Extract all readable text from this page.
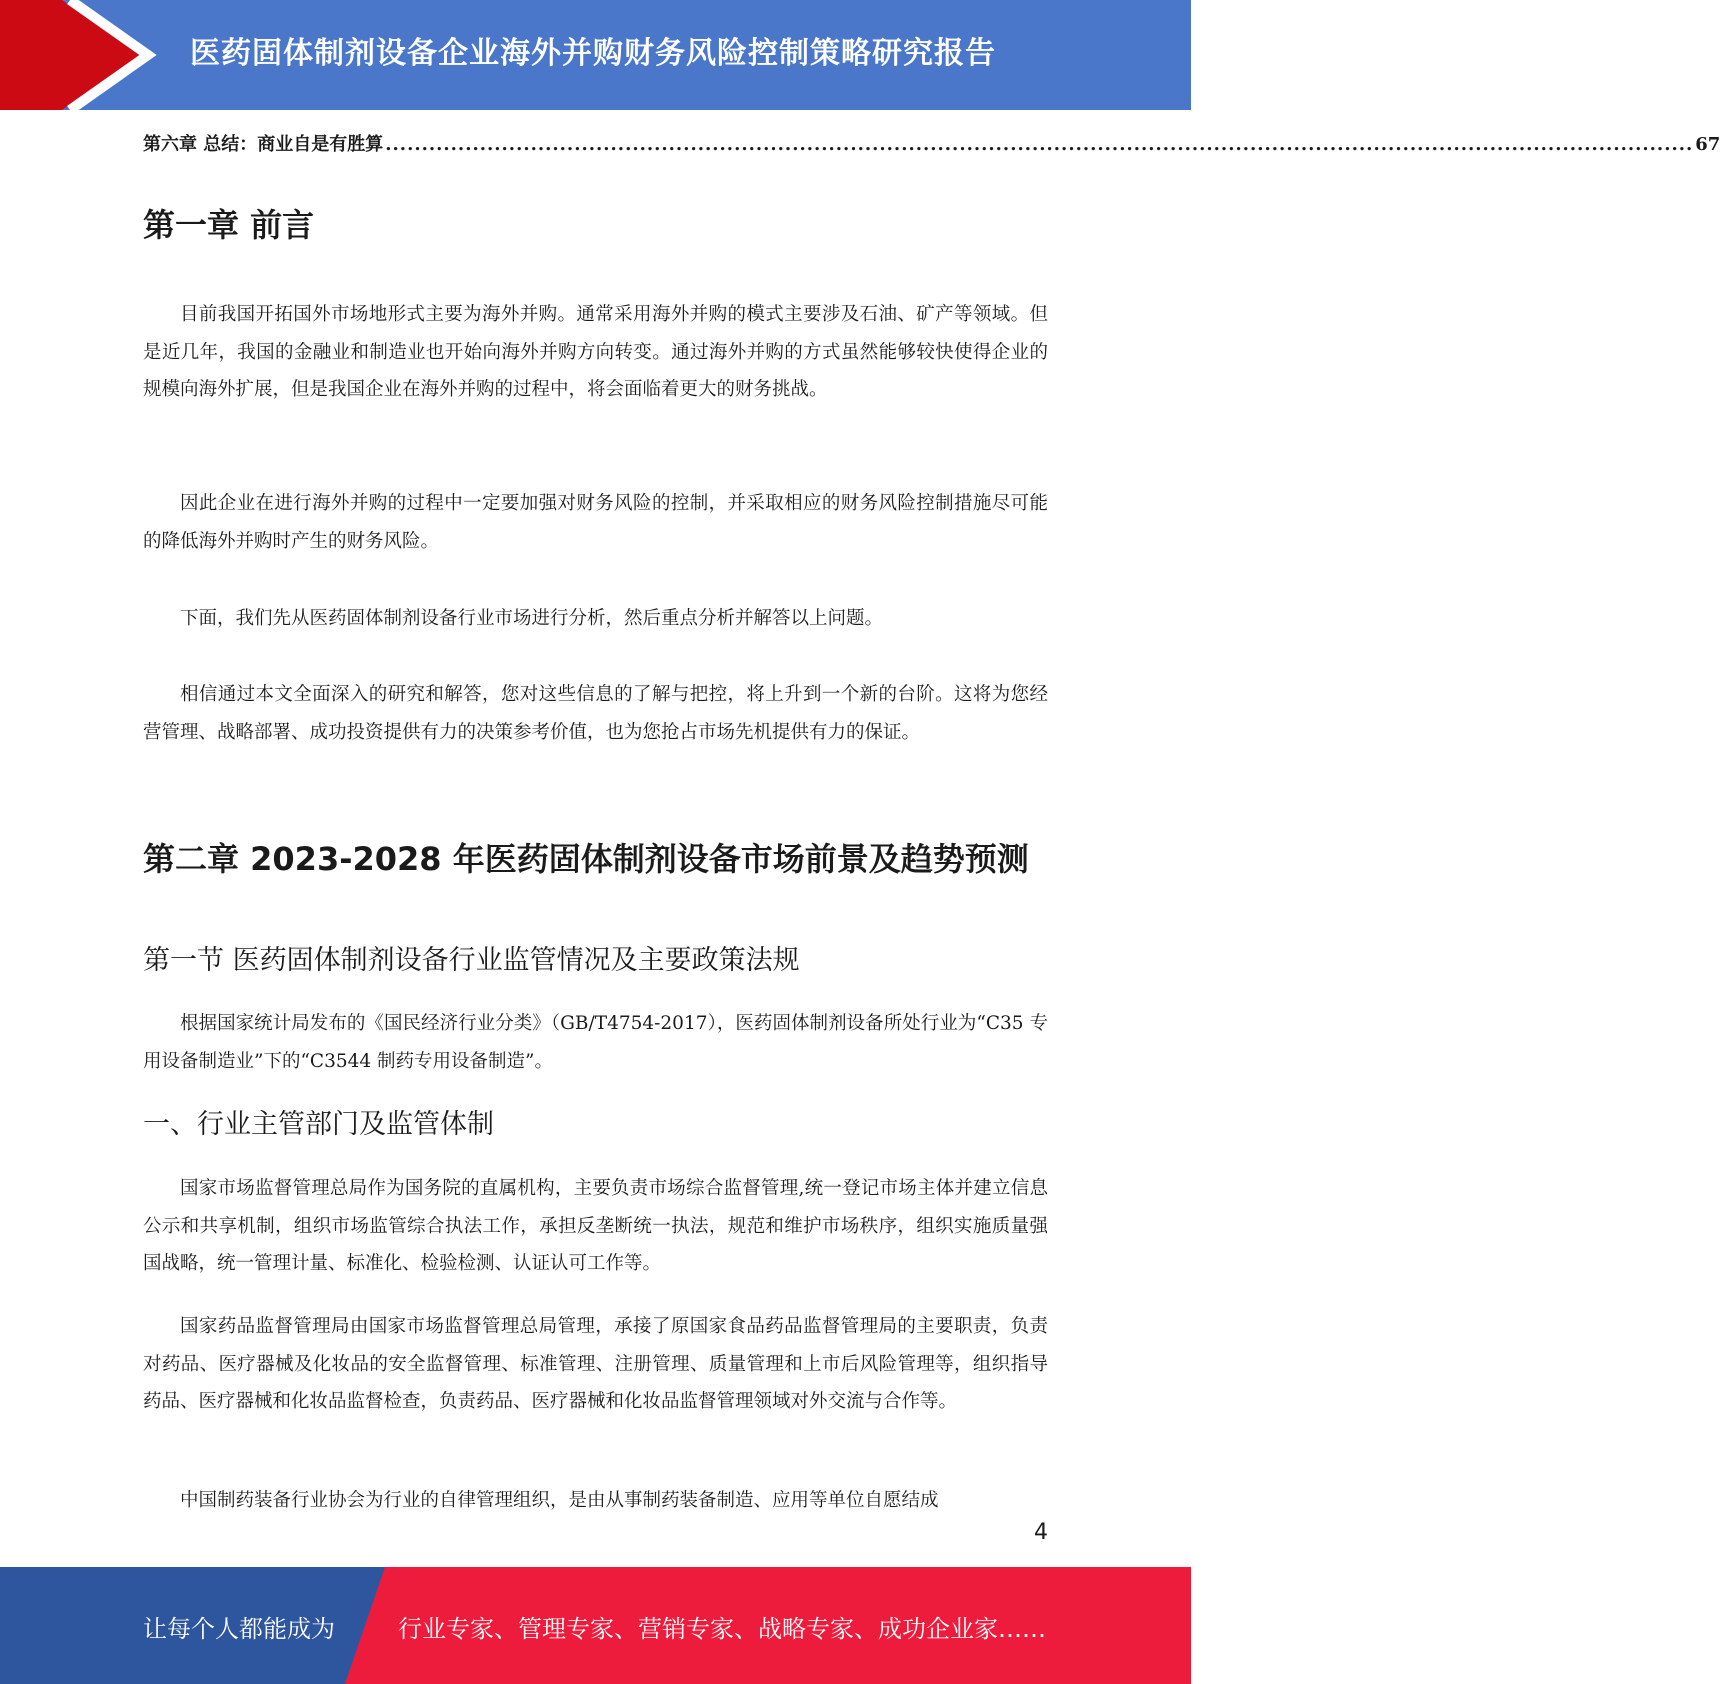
医药固体制剂设备企业海外并购财务风险控制策略研究报告
第六章 总结：商业自是有胜算 .................................................................................................................................................................................... 67
第一章 前言

目前我国开拓国外市场地形式主要为海外并购。通常采用海外并购的模式主要涉及石油、矿产等领域。但是近几年，我国的金融业和制造业也开始向海外并购方向转变。通过海外并购的方式虽然能够较快使得企业的规模向海外扩展，但是我国企业在海外并购的过程中，将会面临着更大的财务挑战。

因此企业在进行海外并购的过程中一定要加强对财务风险的控制，并采取相应的财务风险控制措施尽可能的降低海外并购时产生的财务风险。

下面，我们先从医药固体制剂设备行业市场进行分析，然后重点分析并解答以上问题。

相信通过本文全面深入的研究和解答，您对这些信息的了解与把控，将上升到一个新的台阶。这将为您经营管理、战略部署、成功投资提供有力的决策参考价值，也为您抢占市场先机提供有力的保证。

第二章 2023-2028 年医药固体制剂设备市场前景及趋势预测
第一节 医药固体制剂设备行业监管情况及主要政策法规

根据国家统计局发布的《国民经济行业分类》（GB/T4754-2017），医药固体制剂设备所处行业为“C35 专用设备制造业”下的“C3544 制药专用设备制造”。

一、行业主管部门及监管体制

国家市场监督管理总局作为国务院的直属机构，主要负责市场综合监督管理,统一登记市场主体并建立信息公示和共享机制，组织市场监管综合执法工作，承担反垄断统一执法，规范和维护市场秩序，组织实施质量强国战略，统一管理计量、标准化、检验检测、认证认可工作等。

国家药品监督管理局由国家市场监督管理总局管理，承接了原国家食品药品监督管理局的主要职责，负责对药品、医疗器械及化妆品的安全监督管理、标准管理、注册管理、质量管理和上市后风险管理等，组织指导药品、医疗器械和化妆品监督检查，负责药品、医疗器械和化妆品监督管理领域对外交流与合作等。

中国制药装备行业协会为行业的自律管理组织，是由从事制药装备制造、应用等单位自愿结成

4
让每个人都能成为	行业专家、管理专家、营销专家、战略专家、成功企业家……
